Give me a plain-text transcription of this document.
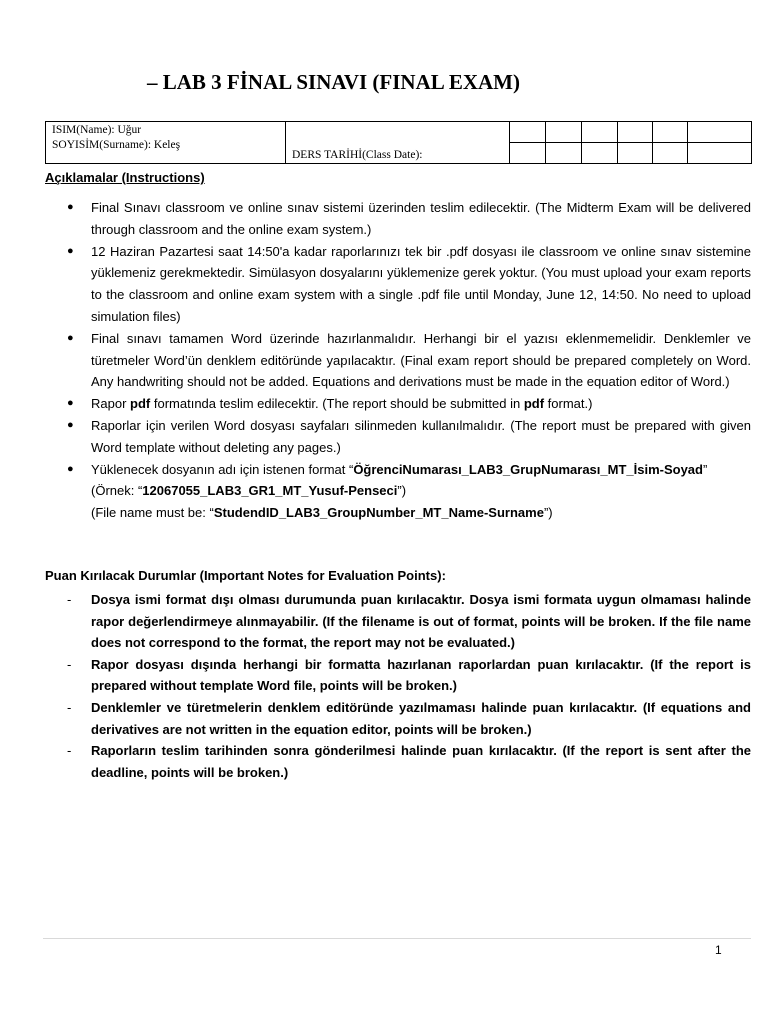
– LAB 3 FİNAL SINAVI (FINAL EXAM)
ISIM(Name): Uğur
SOYISİM(Surname): Keleş	DERS TARİHİ(Class Date):						

Açıklamalar (Instructions)
● Final Sınavı classroom ve online sınav sistemi üzerinden teslim edilecektir. (The Midterm Exam will be delivered through classroom and the online exam system.)
● 12 Haziran Pazartesi saat 14:50'a kadar raporlarınızı tek bir .pdf dosyası ile classroom ve online sınav sistemine yüklemeniz gerekmektedir. Simülasyon dosyalarını yüklemenize gerek yoktur. (You must upload your exam reports to the classroom and online exam system with a single .pdf file until Monday, June 12, 14:50. No need to upload simulation files)
● Final sınavı tamamen Word üzerinde hazırlanmalıdır. Herhangi bir el yazısı eklenmemelidir. Denklemler ve türetmeler Word’ün denklem editöründe yapılacaktır. (Final exam report should be prepared completely on Word. Any handwriting should not be added. Equations and derivations must be made in the equation editor of Word.)
● Rapor pdf formatında teslim edilecektir. (The report should be submitted in pdf format.)
● Raporlar için verilen Word dosyası sayfaları silinmeden kullanılmalıdır. (The report must be prepared with given Word template without deleting any pages.)
● Yüklenecek dosyanın adı için istenen format “ÖğrenciNumarası_LAB3_GrupNumarası_MT_İsim-Soyad”
(Örnek: “12067055_LAB3_GR1_MT_Yusuf-Penseci”)
(File name must be: “StudendID_LAB3_GroupNumber_MT_Name-Surname”)
Puan Kırılacak Durumlar (Important Notes for Evaluation Points):
- Dosya ismi format dışı olması durumunda puan kırılacaktır. Dosya ismi formata uygun olmaması halinde rapor değerlendirmeye alınmayabilir. (If the filename is out of format, points will be broken. If the file name does not correspond to the format, the report may not be evaluated.)
- Rapor dosyası dışında herhangi bir formatta hazırlanan raporlardan puan kırılacaktır. (If the report is prepared without template Word file, points will be broken.)
- Denklemler ve türetmelerin denklem editöründe yazılmaması halinde puan kırılacaktır. (If equations and derivatives are not written in the equation editor, points will be broken.)
- Raporların teslim tarihinden sonra gönderilmesi halinde puan kırılacaktır. (If the report is sent after the deadline, points will be broken.)
1
